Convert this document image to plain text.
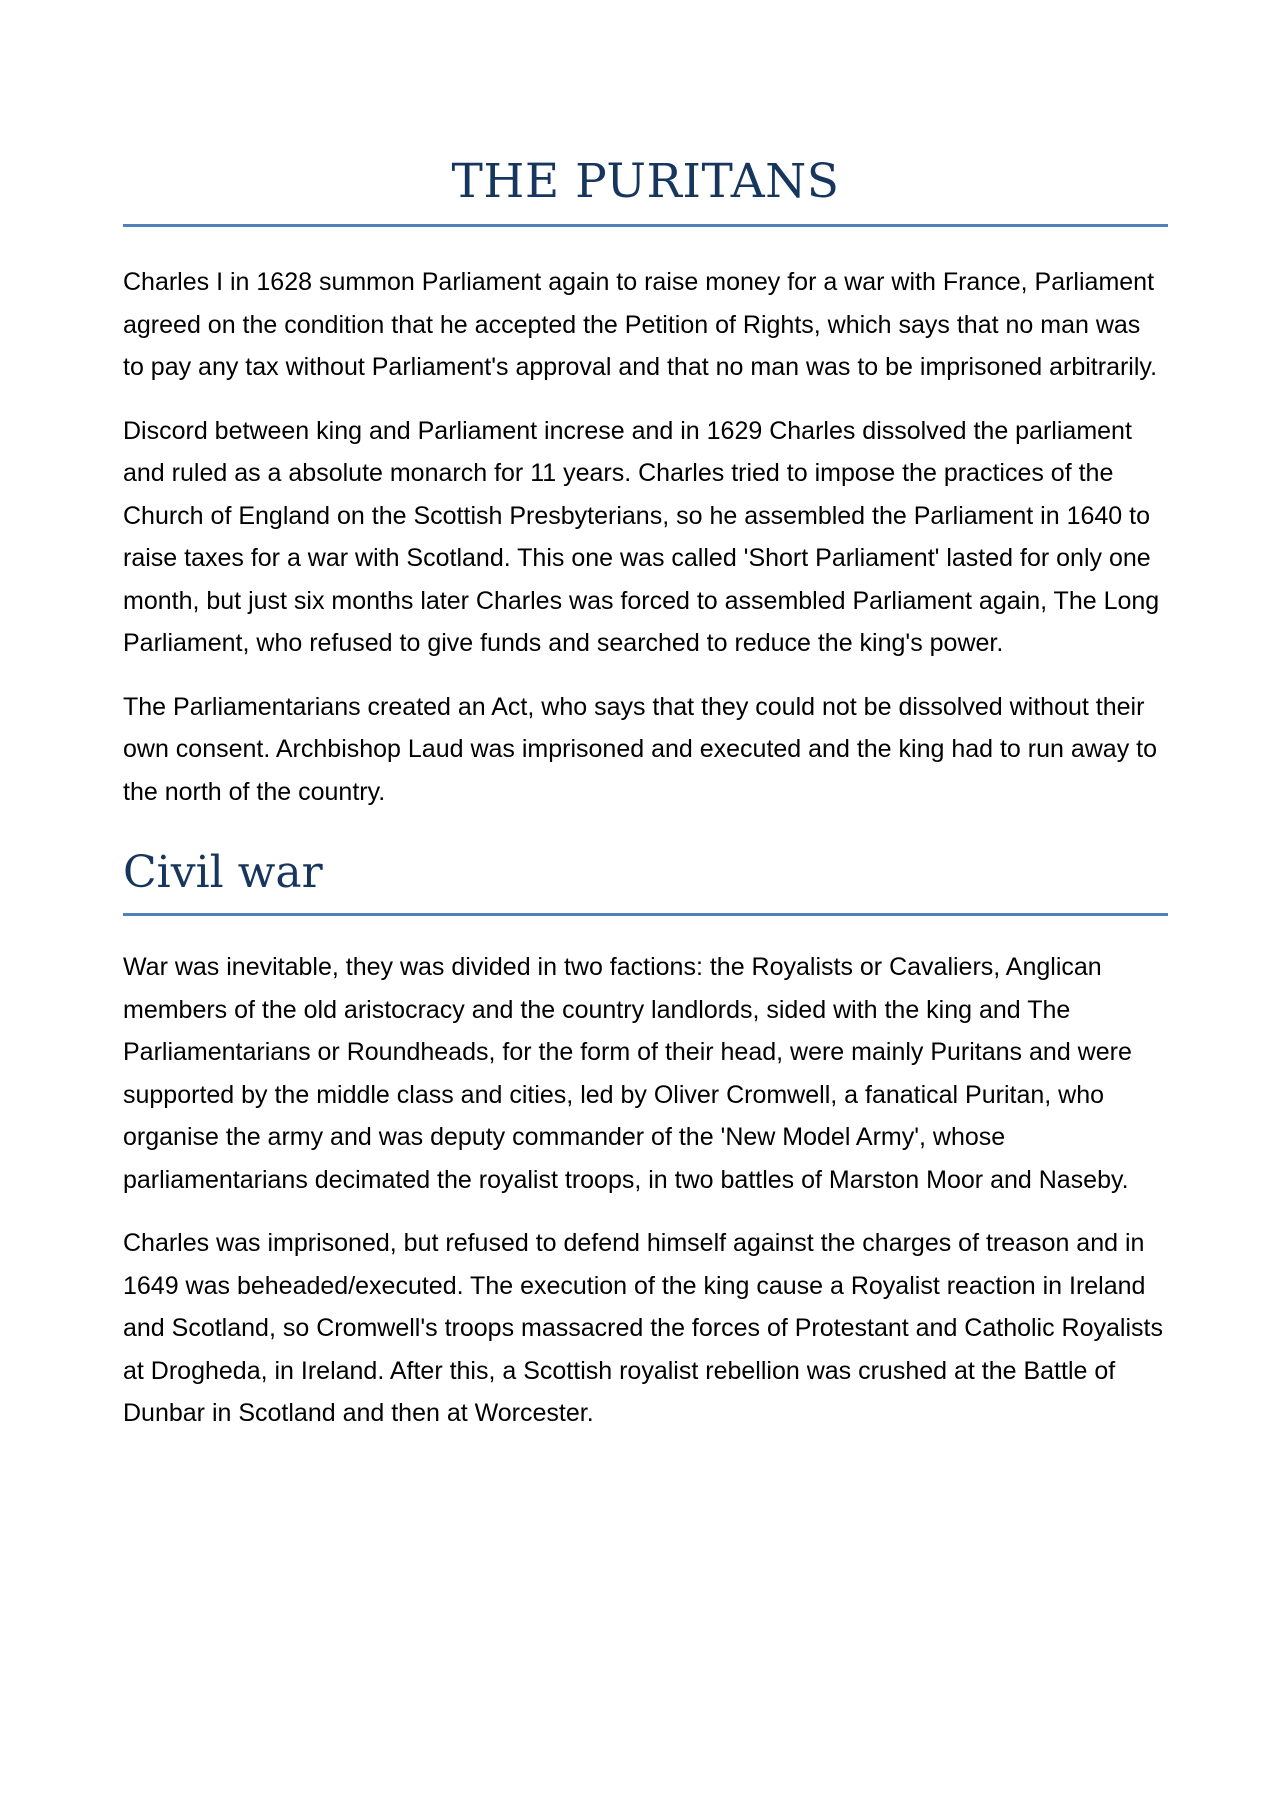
THE PURITANS

Charles I in 1628 summon Parliament again to raise money for a war with France, Parliament agreed on the condition that he accepted the Petition of Rights, which says that no man was to pay any tax without Parliament's approval and that no man was to be imprisoned arbitrarily.

Discord between king and Parliament increse and in 1629 Charles dissolved the parliament and ruled as a absolute monarch for 11 years. Charles tried to impose the practices of the Church of England on the Scottish Presbyterians, so he assembled the Parliament in 1640 to raise taxes for a war with Scotland. This one was called 'Short Parliament' lasted for only one month, but just six months later Charles was forced to assembled Parliament again, The Long Parliament, who refused to give funds and searched to reduce the king's power.

The Parliamentarians created an Act, who says that they could not be dissolved without their own consent. Archbishop Laud was imprisoned and executed and the king had to run away to the north of the country.

Civil war

War was inevitable, they was divided in two factions: the Royalists or Cavaliers, Anglican members of the old aristocracy and the country landlords, sided with the king and The Parliamentarians or Roundheads, for the form of their head, were mainly Puritans and were supported by the middle class and cities, led by Oliver Cromwell, a fanatical Puritan, who organise the army and was deputy commander of the 'New Model Army', whose parliamentarians decimated the royalist troops, in two battles of Marston Moor and Naseby.

Charles was imprisoned, but refused to defend himself against the charges of treason and in 1649 was beheaded/executed. The execution of the king cause a Royalist reaction in Ireland and Scotland, so Cromwell's troops massacred the forces of Protestant and Catholic Royalists at Drogheda, in Ireland. After this, a Scottish royalist rebellion was crushed at the Battle of Dunbar in Scotland and then at Worcester.
